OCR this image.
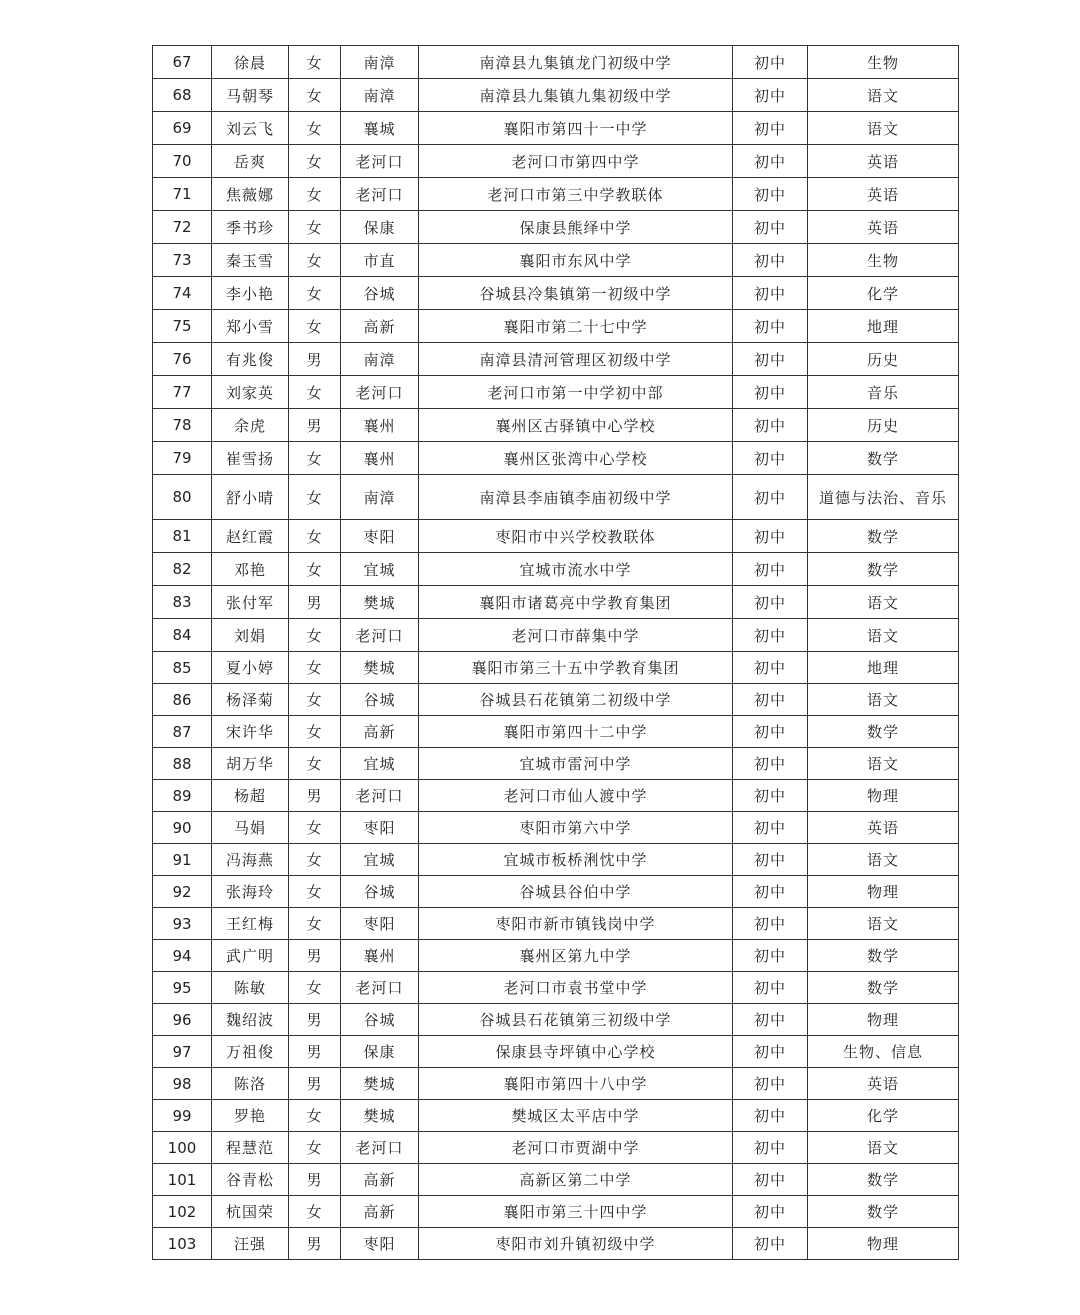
67	徐晨	女	南漳	南漳县九集镇龙门初级中学	初中	生物
68	马朝琴	女	南漳	南漳县九集镇九集初级中学	初中	语文
69	刘云飞	女	襄城	襄阳市第四十一中学	初中	语文
70	岳爽	女	老河口	老河口市第四中学	初中	英语
71	焦薇娜	女	老河口	老河口市第三中学教联体	初中	英语
72	季书珍	女	保康	保康县熊绎中学	初中	英语
73	秦玉雪	女	市直	襄阳市东风中学	初中	生物
74	李小艳	女	谷城	谷城县冷集镇第一初级中学	初中	化学
75	郑小雪	女	高新	襄阳市第二十七中学	初中	地理
76	有兆俊	男	南漳	南漳县清河管理区初级中学	初中	历史
77	刘家英	女	老河口	老河口市第一中学初中部	初中	音乐
78	余虎	男	襄州	襄州区古驿镇中心学校	初中	历史
79	崔雪扬	女	襄州	襄州区张湾中心学校	初中	数学
80	舒小晴	女	南漳	南漳县李庙镇李庙初级中学	初中	道德与法治、音乐
81	赵红霞	女	枣阳	枣阳市中兴学校教联体	初中	数学
82	邓艳	女	宜城	宜城市流水中学	初中	数学
83	张付军	男	樊城	襄阳市诸葛亮中学教育集团	初中	语文
84	刘娟	女	老河口	老河口市薛集中学	初中	语文
85	夏小婷	女	樊城	襄阳市第三十五中学教育集团	初中	地理
86	杨泽菊	女	谷城	谷城县石花镇第二初级中学	初中	语文
87	宋许华	女	高新	襄阳市第四十二中学	初中	数学
88	胡万华	女	宜城	宜城市雷河中学	初中	语文
89	杨超	男	老河口	老河口市仙人渡中学	初中	物理
90	马娟	女	枣阳	枣阳市第六中学	初中	英语
91	冯海燕	女	宜城	宜城市板桥浰忱中学	初中	语文
92	张海玲	女	谷城	谷城县谷伯中学	初中	物理
93	王红梅	女	枣阳	枣阳市新市镇钱岗中学	初中	语文
94	武广明	男	襄州	襄州区第九中学	初中	数学
95	陈敏	女	老河口	老河口市袁书堂中学	初中	数学
96	魏绍波	男	谷城	谷城县石花镇第三初级中学	初中	物理
97	万祖俊	男	保康	保康县寺坪镇中心学校	初中	生物、信息
98	陈洛	男	樊城	襄阳市第四十八中学	初中	英语
99	罗艳	女	樊城	樊城区太平店中学	初中	化学
100	程慧范	女	老河口	老河口市贾湖中学	初中	语文
101	谷青松	男	高新	高新区第二中学	初中	数学
102	杭国荣	女	高新	襄阳市第三十四中学	初中	数学
103	汪强	男	枣阳	枣阳市刘升镇初级中学	初中	物理
